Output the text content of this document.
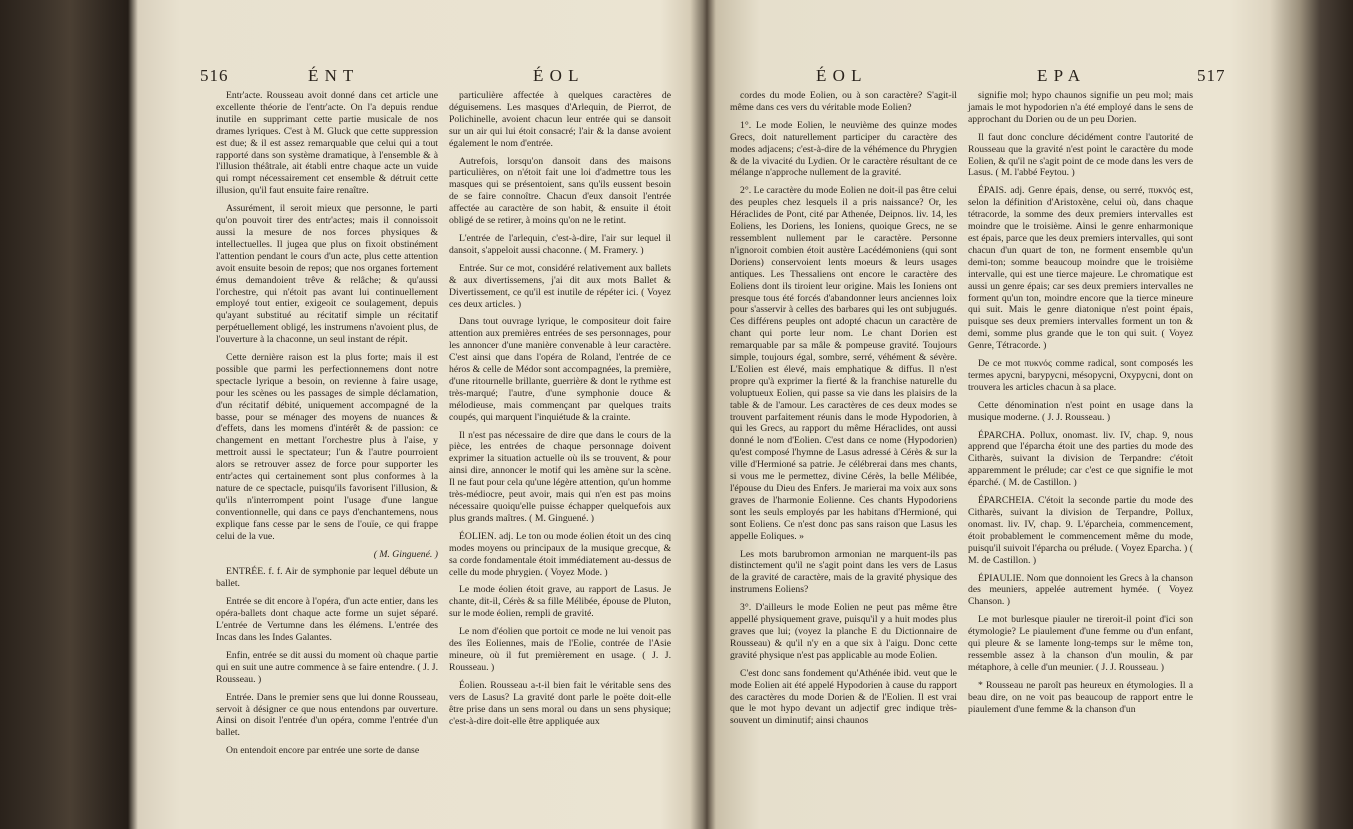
516	É N T	É O L

Entr'acte. Rousseau avoit donné dans cet article une excellente théorie de l'entr'acte. On l'a depuis rendue inutile en supprimant cette partie musicale de nos drames lyriques. C'est à M. Gluck que cette suppression est due; & il est assez remarquable que celui qui a tout rapporté dans son système dramatique, à l'ensemble & à l'illusion théâtrale, ait établi entre chaque acte un vuide qui rompt nécessairement cet ensemble & détruit cette illusion, qu'il faut ensuite faire renaître.

Assurément, il seroit mieux que personne, le parti qu'on pouvoit tirer des entr'actes; mais il connoissoit aussi la mesure de nos forces physiques & intellectuelles. Il jugea que plus on fixoit obstinément l'attention pendant le cours d'un acte, plus cette attention avoit ensuite besoin de repos; que nos organes fortement émus demandoient trêve & relâche; & qu'aussi l'orchestre, qui n'étoit pas avant lui continuellement employé tout entier, exigeoit ce soulagement, depuis qu'ayant substitué au récitatif simple un récitatif perpétuellement obligé, les instrumens n'avoient plus, de l'ouverture à la chaconne, un seul instant de répit.

Cette dernière raison est la plus forte; mais il est possible que parmi les perfectionnemens dont notre spectacle lyrique a besoin, on revienne à faire usage, pour les scènes ou les passages de simple déclamation, d'un récitatif débité, uniquement accompagné de la basse, pour se ménager des moyens de nuances & d'effets, dans les momens d'intérêt & de passion: ce changement en mettant l'orchestre plus à l'aise, y mettroit aussi le spectateur; l'un & l'autre pourroient alors se retrouver assez de force pour supporter les entr'actes qui certainement sont plus conformes à la nature de ce spectacle, puisqu'ils favorisent l'illusion, & qu'ils n'interrompent point l'usage d'une langue conventionnelle, qui dans ce pays d'enchantemens, nous explique fans cesse par le sens de l'ouïe, ce qui frappe celui de la vue.

( M. Ginguené. )

ENTRÉE. f. f. Air de symphonie par lequel débute un ballet.

Entrée se dit encore à l'opéra, d'un acte entier, dans les opéra-ballets dont chaque acte forme un sujet séparé. L'entrée de Vertumne dans les élémens. L'entrée des Incas dans les Indes Galantes.

Enfin, entrée se dit aussi du moment où chaque partie qui en suit une autre commence à se faire entendre. ( J. J. Rousseau. )

Entrée. Dans le premier sens que lui donne Rousseau, servoit à désigner ce que nous entendons par ouverture. Ainsi on disoit l'entrée d'un opéra, comme l'entrée d'un ballet.

On entendoit encore par entrée une sorte de danse

particulière affectée à quelques caractères de déguisemens. Les masques d'Arlequin, de Pierrot, de Polichinelle, avoient chacun leur entrée qui se dansoit sur un air qui lui étoit consacré; l'air & la danse avoient également le nom d'entrée.

Autrefois, lorsqu'on dansoit dans des maisons particulières, on n'étoit fait une loi d'admettre tous les masques qui se présentoient, sans qu'ils eussent besoin de se faire connoître. Chacun d'eux dansoit l'entrée affectée au caractère de son habit, & ensuite il étoit obligé de se retirer, à moins qu'on ne le retint.

L'entrée de l'arlequin, c'est-à-dire, l'air sur lequel il dansoit, s'appeloit aussi chaconne. ( M. Framery. )

Entrée. Sur ce mot, considéré relativement aux ballets & aux divertissemens, j'ai dit aux mots Ballet & Divertissement, ce qu'il est inutile de répéter ici. ( Voyez ces deux articles. )

Dans tout ouvrage lyrique, le compositeur doit faire attention aux premières entrées de ses personnages, pour les annoncer d'une manière convenable à leur caractère. C'est ainsi que dans l'opéra de Roland, l'entrée de ce héros & celle de Médor sont accompagnées, la première, d'une ritournelle brillante, guerrière & dont le rythme est très-marqué; l'autre, d'une symphonie douce & mélodieuse, mais commençant par quelques traits coupés, qui marquent l'inquiétude & la crainte.

Il n'est pas nécessaire de dire que dans le cours de la pièce, les entrées de chaque personnage doivent exprimer la situation actuelle où ils se trouvent, & pour ainsi dire, annoncer le motif qui les amène sur la scène. Il ne faut pour cela qu'une légère attention, qu'un homme très-médiocre, peut avoir, mais qui n'en est pas moins nécessaire quoiqu'elle puisse échapper quelquefois aux plus grands maîtres. ( M. Ginguené. )

ÉOLIEN. adj. Le ton ou mode éolien étoit un des cinq modes moyens ou principaux de la musique grecque, & sa corde fondamentale étoit immédiatement au-dessus de celle du mode phrygien. ( Voyez Mode. )

Le mode éolien étoit grave, au rapport de Lasus. Je chante, dit-il, Cérès & sa fille Mélibée, épouse de Pluton, sur le mode éolien, rempli de gravité.

Le nom d'éolien que portoit ce mode ne lui venoit pas des îles Eoliennes, mais de l'Eolie, contrée de l'Asie mineure, où il fut premièrement en usage. ( J. J. Rousseau. )

Éolien. Rousseau a-t-il bien fait le véritable sens des vers de Lasus? La gravité dont parle le poëte doit-elle être prise dans un sens moral ou dans un sens physique; c'est-à-dire doit-elle être appliquée aux

É O L	E P A	517

cordes du mode Eolien, ou à son caractère? S'agit-il même dans ces vers du véritable mode Eolien?

1°. Le mode Eolien, le neuvième des quinze modes Grecs, doit naturellement participer du caractère des modes adjacens; c'est-à-dire de la véhémence du Phrygien & de la vivacité du Lydien. Or le caractère résultant de ce mélange n'approche nullement de la gravité.

2°. Le caractère du mode Eolien ne doit-il pas être celui des peuples chez lesquels il a pris naissance? Or, les Héraclides de Pont, cité par Athenée, Deipnos. liv. 14, les Eoliens, les Doriens, les Ioniens, quoique Grecs, ne se ressemblent nullement par le caractère. Personne n'ignoroit combien étoit austère Lacédémoniens (qui sont Doriens) conservoient lents moeurs & leurs usages antiques. Les Thessaliens ont encore le caractère des Eoliens dont ils tiroient leur origine. Mais les Ioniens ont presque tous été forcés d'abandonner leurs anciennes loix pour s'asservir à celles des barbares qui les ont subjugués. Ces différens peuples ont adopté chacun un caractère de chant qui porte leur nom. Le chant Dorien est remarquable par sa mâle & pompeuse gravité. Toujours simple, toujours égal, sombre, serré, véhément & sévère. L'Eolien est élevé, mais emphatique & diffus. Il n'est propre qu'à exprimer la fierté & la franchise naturelle du voluptueux Eolien, qui passe sa vie dans les plaisirs de la table & de l'amour. Les caractères de ces deux modes se trouvent parfaitement réunis dans le mode Hypodorien, à qui les Grecs, au rapport du même Héraclides, ont aussi donné le nom d'Eolien. C'est dans ce nome (Hypodorien) qu'est composé l'hymne de Lasus adressé à Cérès & sur la ville d'Hermioné sa patrie. Je célébrerai dans mes chants, si vous me le permettez, divine Cérès, la belle Mélibée, l'épouse du Dieu des Enfers. Je marierai ma voix aux sons graves de l'harmonie Eolienne. Ces chants Hypodoriens sont les seuls employés par les habitans d'Hermioné, qui sont Eoliens. Ce n'est donc pas sans raison que Lasus les appelle Eoliques. »

Les mots barubromon armonian ne marquent-ils pas distinctement qu'il ne s'agit point dans les vers de Lasus de la gravité de caractère, mais de la gravité physique des instrumens Eoliens?

3°. D'ailleurs le mode Eolien ne peut pas même être appellé physiquement grave, puisqu'il y a huit modes plus graves que lui; (voyez la planche E du Dictionnaire de Rousseau) & qu'il n'y en a que six à l'aigu. Donc cette gravité physique n'est pas applicable au mode Eolien.

C'est donc sans fondement qu'Athénée ibid. veut que le mode Eolien ait été appelé Hypodorien à cause du rapport des caractères du mode Dorien & de l'Eolien. Il est vrai que le mot hypo devant un adjectif grec indique très-souvent un diminutif; ainsi chaunos

signifie mol; hypo chaunos signifie un peu mol; mais jamais le mot hypodorien n'a été employé dans le sens de approchant du Dorien ou de un peu Dorien.

Il faut donc conclure décidément contre l'autorité de Rousseau que la gravité n'est point le caractère du mode Eolien, & qu'il ne s'agit point de ce mode dans les vers de Lasus. ( M. l'abbé Feytou. )

ÉPAIS. adj. Genre épais, dense, ou serré, πυκνός est, selon la définition d'Aristoxène, celui où, dans chaque tétracorde, la somme des deux premiers intervalles est moindre que le troisième. Ainsi le genre enharmonique est épais, parce que les deux premiers intervalles, qui sont chacun d'un quart de ton, ne forment ensemble qu'un demi-ton; somme beaucoup moindre que le troisième intervalle, qui est une tierce majeure. Le chromatique est aussi un genre épais; car ses deux premiers intervalles ne forment qu'un ton, moindre encore que la tierce mineure qui suit. Mais le genre diatonique n'est point épais, puisque ses deux premiers intervalles forment un ton & demi, somme plus grande que le ton qui suit. ( Voyez Genre, Tétracorde. )

De ce mot πυκνός comme radical, sont composés les termes apycni, barypycni, mésopycni, Oxypycni, dont on trouvera les articles chacun à sa place.

Cette dénomination n'est point en usage dans la musique moderne. ( J. J. Rousseau. )

ÉPARCHA. Pollux, onomast. liv. IV, chap. 9, nous apprend que l'éparcha étoit une des parties du mode des Citharès, suivant la division de Terpandre: c'étoit apparemment le prélude; car c'est ce que signifie le mot éparché. ( M. de Castillon. )

ÉPARCHEIA. C'étoit la seconde partie du mode des Citharès, suivant la division de Terpandre, Pollux, onomast. liv. IV, chap. 9. L'éparcheia, commencement, étoit probablement le commencement même du mode, puisqu'il suivoit l'éparcha ou prélude. ( Voyez Eparcha. ) ( M. de Castillon. )

ÉPIAULIE. Nom que donnoient les Grecs à la chanson des meuniers, appelée autrement hymée. ( Voyez Chanson. )

Le mot burlesque piauler ne tireroit-il point d'ici son étymologie? Le piaulement d'une femme ou d'un enfant, qui pleure & se lamente long-temps sur le même ton, ressemble assez à la chanson d'un moulin, & par métaphore, à celle d'un meunier. ( J. J. Rousseau. )

* Rousseau ne paroît pas heureux en étymologies. Il a beau dire, on ne voit pas beaucoup de rapport entre le piaulement d'une femme & la chanson d'un
